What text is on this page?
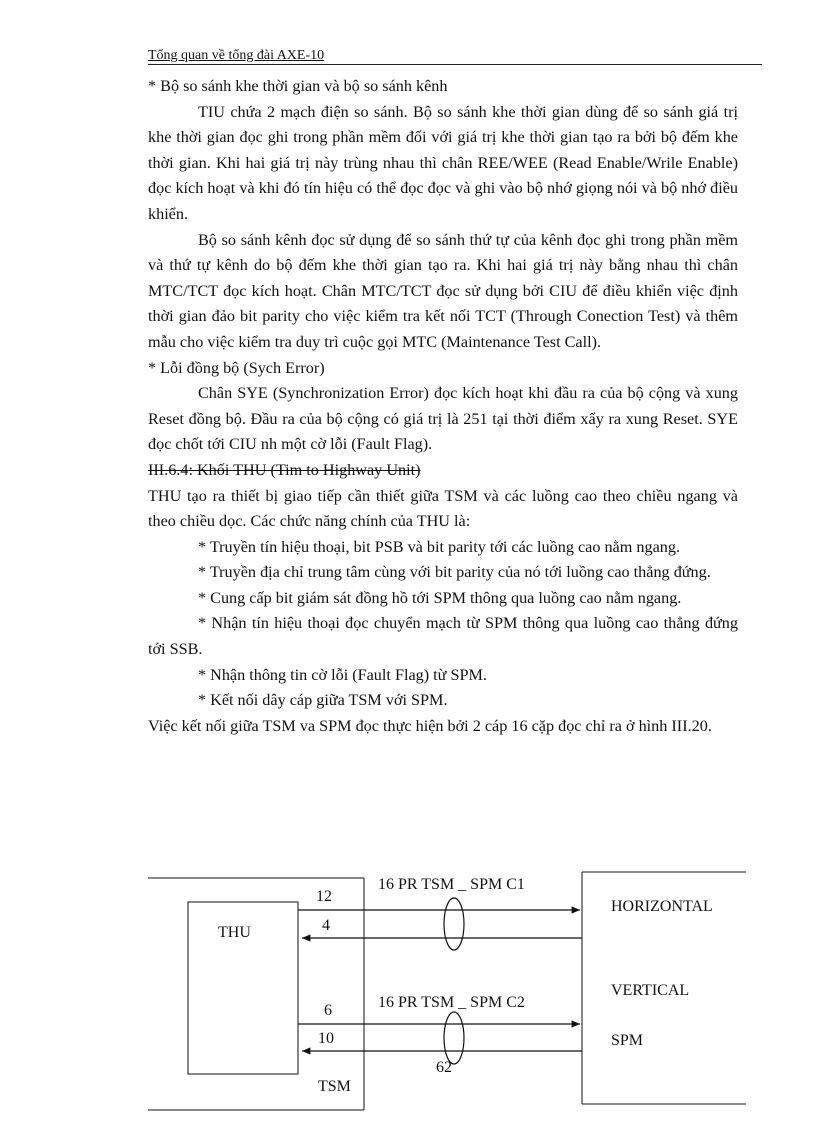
Tổng quan về tổng đài AXE-10

* Bộ so sánh khe thời gian và bộ so sánh kênh

TIU chứa 2 mạch điện so sánh. Bộ so sánh khe thời gian dùng để so sánh giá trị khe thời gian đọc ghi trong phần mềm đối với giá trị khe thời gian tạo ra bởi bộ đếm khe thời gian. Khi hai giá trị này trùng nhau thì chân REE/WEE (Read Enable/Wrile Enable) đọc kích hoạt và khi đó tín hiệu có thể đọc đọc và ghi vào bộ nhớ giọng nói và bộ nhớ điều khiển.

Bộ so sánh kênh đọc sử dụng để so sánh thứ tự của kênh đọc ghi trong phần mềm và thứ tự kênh do bộ đếm khe thời gian tạo ra. Khi hai giá trị này bằng nhau thì chân MTC/TCT đọc kích hoạt. Chân MTC/TCT đọc sử dụng bởi CIU để điều khiển việc định thời gian đảo bit parity cho việc kiểm tra kết nối TCT (Through Conection Test) và thêm mẫu cho việc kiểm tra duy trì cuộc gọi MTC (Maintenance Test Call).

* Lỗi đồng bộ (Sych Error)

Chân SYE (Synchronization Error) đọc kích hoạt khi đầu ra của bộ cộng và xung Reset đồng bộ. Đầu ra của bộ cộng có giá trị là 251 tại thời điểm xẩy ra xung Reset. SYE đọc chốt tới CIU nh một cờ lỗi (Fault Flag).

III.6.4: Khối THU (Tim to Highway Unit)

THU tạo ra thiết bị giao tiếp cần thiết giữa TSM và các luồng cao theo chiều ngang và theo chiều dọc. Các chức năng chính của THU là:

* Truyền tín hiệu thoại, bit PSB và bit parity tới các luồng cao nằm ngang.

* Truyền địa chỉ trung tâm cùng với bit parity của nó tới luồng cao thẳng đứng.

* Cung cấp bit giám sát đồng hồ tới SPM thông qua luồng cao nằm ngang.

* Nhận tín hiệu thoại đọc chuyển mạch từ SPM thông qua luồng cao thẳng đứng tới SSB.

* Nhận thông tin cờ lỗi (Fault Flag) từ SPM.

* Kết nối dây cáp giữa TSM với SPM.

Việc kết nối giữa TSM va SPM đọc thực hiện bởi 2 cáp 16 cặp đọc chỉ ra ở hình III.20.

16 PR TSM _ SPM C1
12
4
THU
HORIZONTAL
VERTICAL
16 PR TSM _ SPM C2
6
10	SPM
62
TSM
